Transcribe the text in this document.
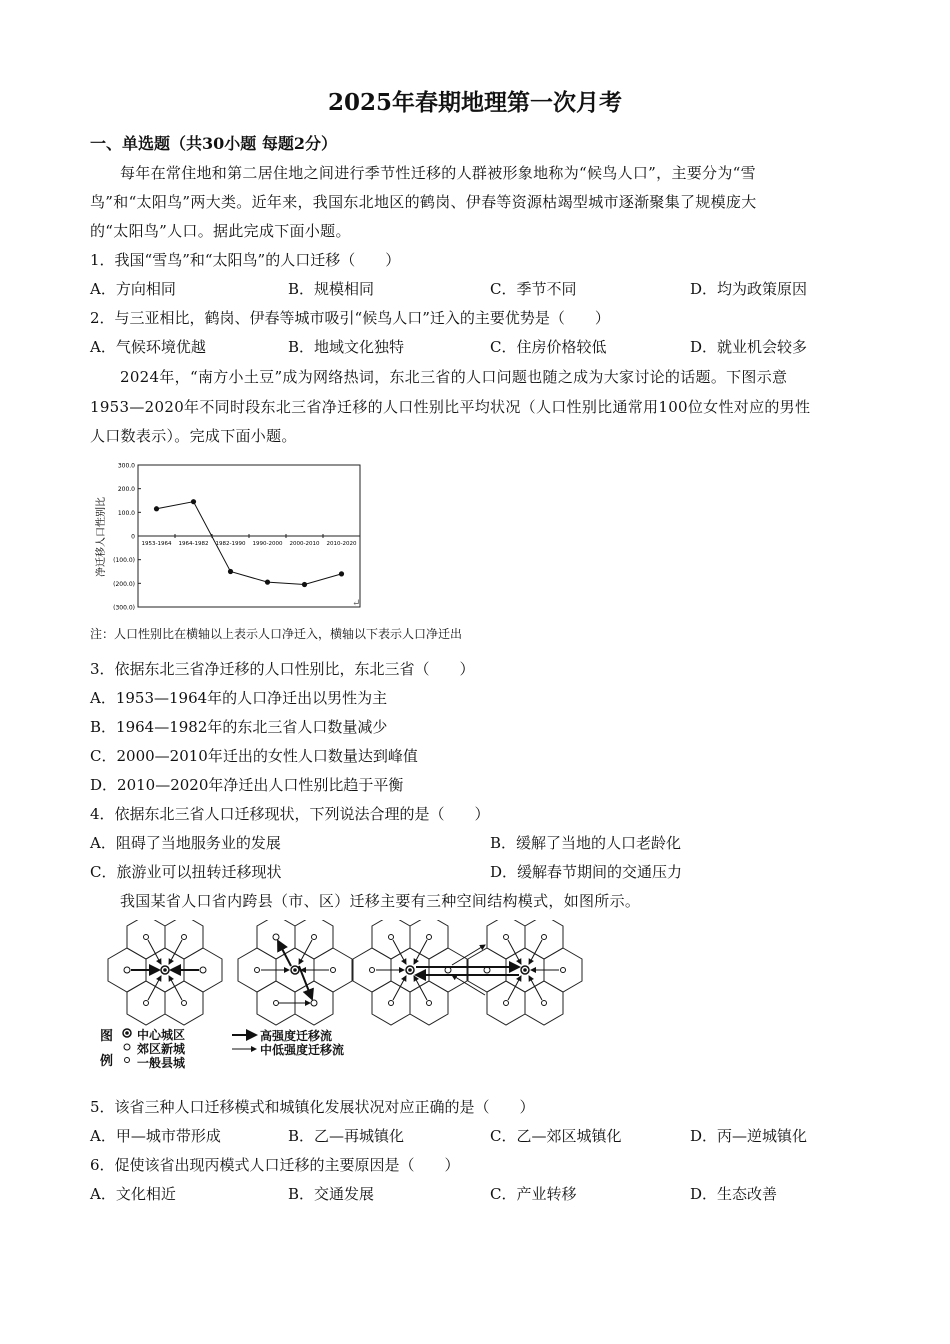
2025年春期地理第一次月考
一、单选题（共30小题 每题2分）
每年在常住地和第二居住地之间进行季节性迁移的人群被形象地称为“候鸟人口”，主要分为“雪
鸟”和“太阳鸟”两大类。近年来，我国东北地区的鹤岗、伊春等资源枯竭型城市逐渐聚集了规模庞大
的“太阳鸟”人口。据此完成下面小题。
1．我国“雪鸟”和“太阳鸟”的人口迁移（　　）
A．方向相同	B．规模相同	C．季节不同	D．均为政策原因
2．与三亚相比，鹤岗、伊春等城市吸引“候鸟人口”迁入的主要优势是（　　）
A．气候环境优越	B．地域文化独特	C．住房价格较低	D．就业机会较多
2024年，“南方小土豆”成为网络热词，东北三省的人口问题也随之成为大家讨论的话题。下图示意
1953—2020年不同时段东北三省净迁移的人口性别比平均状况（人口性别比通常用100位女性对应的男性
人口数表示）。完成下面小题。
300.0
200.0
100.0
0
(100.0)
(200.0)
(300.0)
1953-1964 1964-1982 1982-1990 1990-2000 2000-2010 2010-2020
净迁移人口性别比
↵
注：人口性别比在横轴以上表示人口净迁入，横轴以下表示人口净迁出
3．依据东北三省净迁移的人口性别比，东北三省（　　）
A．1953—1964年的人口净迁出以男性为主
B．1964—1982年的东北三省人口数量减少
C．2000—2010年迁出的女性人口数量达到峰值
D．2010—2020年净迁出人口性别比趋于平衡
4．依据东北三省人口迁移现状，下列说法合理的是（　　）
A．阻碍了当地服务业的发展	B．缓解了当地的人口老龄化
C．旅游业可以扭转迁移现状	D．缓解春节期间的交通压力
我国某省人口省内跨县（市、区）迁移主要有三种空间结构模式，如图所示。
图
例
中心城区
郊区新城
一般县城
高强度迁移流
中低强度迁移流
5．该省三种人口迁移模式和城镇化发展状况对应正确的是（　　）
A．甲—城市带形成	B．乙—再城镇化	C．乙—郊区城镇化	D．丙—逆城镇化
6．促使该省出现丙模式人口迁移的主要原因是（　　）
A．文化相近	B．交通发展	C．产业转移	D．生态改善
